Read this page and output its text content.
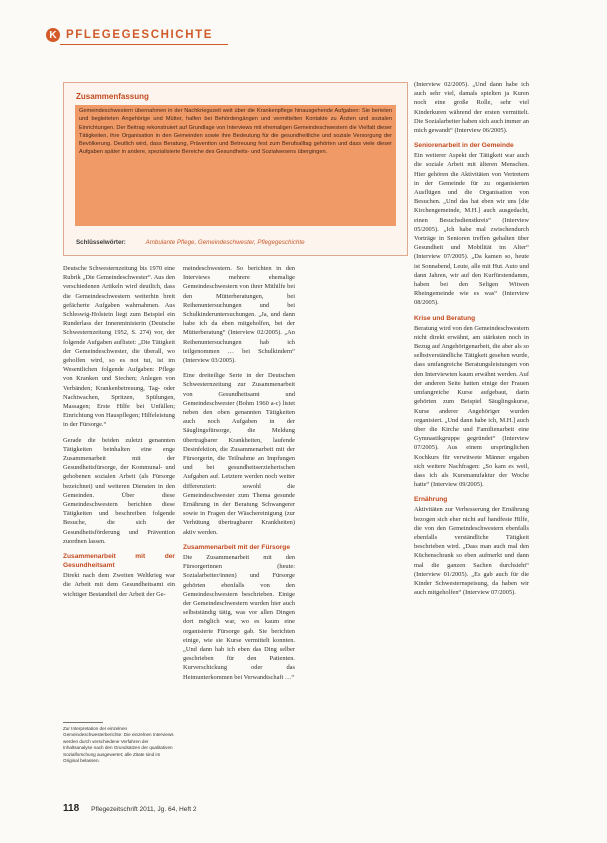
K PFLEGEGESCHICHTE
Zusammenfassung
Gemeindeschwestern übernahmen in der Nachkriegszeit weit über die Krankenpflege hinausgehende Aufgaben: Sie berieten und begleiteten Angehörige und Mütter, halfen bei Behördengängen und vermittelten Kontakte zu Ärzten und sozialen Einrichtungen. Der Beitrag rekonstruiert auf Grundlage von Interviews mit ehemaligen Gemeindeschwestern die Vielfalt dieser Tätigkeiten, ihre Organisation in den Gemeinden sowie ihre Bedeutung für die gesundheitliche und soziale Versorgung der Bevölkerung. Deutlich wird, dass Beratung, Prävention und Betreuung fest zum Berufsalltag gehörten und dass viele dieser Aufgaben später in andere, spezialisierte Bereiche des Gesundheits- und Sozialwesens übergingen.
Schlüsselwörter:	Ambulante Pflege, Gemeindeschwester, Pflegegeschichte

Deutsche Schwesternzeitung bis 1970 eine Rubrik „Die Gemeindeschwester“. Aus den verschiedenen Artikeln wird deutlich, dass die Gemeindeschwestern weiterhin breit gefächerte Aufgaben wahrnahmen. Aus Schleswig-Holstein liegt zum Beispiel ein Runderlass der Innenministerin (Deutsche Schwesternzeitung 1952, S. 274) vor, der folgende Aufgaben auflistet: „Die Tätigkeit der Gemeindeschwester, die überall, wo geholfen wird, so es not tut, ist im Wesentlichen folgende Aufgaben: Pflege von Kranken und Siechen; Anlegen von Verbänden; Krankenbetreuung, Tag- oder Nachtwachen, Spritzen, Spülungen, Massagen; Erste Hilfe bei Unfällen; Einrichtung von Hauspflegen; Hilfeleistung in der Fürsorge.“

Gerade die beiden zuletzt genannten Tätigkeiten beinhalten eine enge Zusammenarbeit mit der Gesundheitsfürsorge, der Kommunal- und gehobenen sozialen Arbeit (als Fürsorge bezeichnet) und weiteren Diensten in den Gemeinden. Über diese Gemeindeschwestern berichten diese Tätigkeiten und beschreiben folgende Besuche, die sich der Gesundheitsförderung und Prävention zuordnen lassen.

Zusammenarbeit mit der Gesundheitsamt

Direkt nach dem Zweiten Weltkrieg war die Arbeit mit dem Gesundheitsamt ein wichtiger Bestandteil der Arbeit der Ge-

meindeschwestern. So berichten in den Interviews mehrere ehemalige Gemeindeschwestern von ihrer Mithilfe bei den Mütterberatungen, bei Reihenuntersuchungen und bei Schulkinderuntersuchungen. „Ja, und dann habe ich da eben mitgeholfen, bei der Mütterberatung“ (Interview 02/2005). „An Reihenuntersuchungen hab ich teilgenommen … bei Schulkindern“ (Interview 03/2005).

Eine dreiteilige Serie in der Deutschen Schwesternzeitung zur Zusammenarbeit von Gesundheitsamt und Gemeindeschwester (Bohm 1960 a-c) listet neben den oben genannten Tätigkeiten auch noch Aufgaben in der Säuglingsfürsorge, die Meldung übertragbarer Krankheiten, laufende Desinfektion, die Zusammenarbeit mit der Fürsorgerin, die Teilnahme an Impfungen und bei gesundheitserzieherischen Aufgaben auf. Letztere werden noch weiter differenziert: sowohl die Gemeindeschwester zum Thema gesunde Ernährung in der Beratung Schwangerer sowie in Fragen der Wäschereinigung (zur Verhütung übertragbarer Krankheiten) aktiv werden.

Zusammenarbeit mit der Fürsorge

Die Zusammenarbeit mit den Fürsorgerinnen (heute: Sozialarbeiter/innen) und Fürsorge gehörten ebenfalls von den Gemeindeschwestern beschrieben. Einige der Gemeindeschwestern wurden hier auch selbstständig tätig, was vor allen Dingen dort möglich war, wo es kaum eine organisierte Fürsorge gab. Sie berichten einige, wie sie Kurse vermittelt konnten. „Und dann hab ich eben das Ding selber geschrieben für den Patienten. Kurverschickung oder das Heimunterkommen bei Verwandtschaft …“

(Interview 02/2005). „Und dann habe ich auch sehr viel, damals spielten ja Kuren noch eine große Rolle, sehr viel Kinderkuren während der ersten vermittelt. Die Sozialarbeiter haben sich auch immer an mich gewandt“ (Interview 06/2005).

Seniorenarbeit in der Gemeinde

Ein weiterer Aspekt der Tätigkeit war auch die soziale Arbeit mit älteren Menschen. Hier gehören die Aktivitäten von Vertretern in der Gemeinde für zu organisierten Ausflügen und die Organisation von Besuchen. „Und das hat eben wir uns [die Kirchengemeinde, M.H.] auch ausgedacht, einen Besuchsdienstkreis“ (Interview 05/2005). „Ich habe mal zwischendurch Vorträge in Senioren treffen gehalten über Gesundheit und Mobilität im Alter“ (Interview 07/2005). „Da kamen so, heute ist Sonnabend, Leute, alle mit Hut. Auto und dann Jahren, wir auf den Kurfürstendamm, haben bei den Seligen Witwen Rheingemeinde wie es was“ (Interview 08/2005).

Krise und Beratung

Beratung wird von den Gemeindeschwestern nicht direkt erwähnt, am stärksten noch in Bezug auf Angehörigenarbeit, die aber als so selbstverständliche Tätigkeit gesehen wurde, dass umfangreiche Beratungsleistungen von den Interviewten kaum erwähnt werden. Auf der anderen Seite hatten einige der Frauen umfangreiche Kurse aufgebaut, darin gehörten zum Beispiel Säuglingskurse, Kurse anderer Angehöriger wurden organisiert. „Und dann habe ich, M.H.] auch über die Kirche und Familienarbeit eine Gymnastikgruppe gegründet“ (Interview 07/2005). Aus einem ursprünglichen Kochkurs für verwitwete Männer ergaben sich weitere Nachfragen: „So kam es weil, dass ich als Kursmanufaktur der Woche hatte“ (Interview 09/2005).

Ernährung

Aktivitäten zur Verbesserung der Ernährung bezogen sich eher nicht auf handfeste Hilfe, die von den Gemeindeschwestern ebenfalls ebenfalls verständliche Tätigkeit beschrieben wird. „Dass man auch mal den Küchenschrank so eben aufmerkt und dann mal die ganzen Sachen durchsieht“ (Interview 01/2005). „Es gab auch für die Kinder Schwesternspeisung, da haben wir auch mitgeholfen“ (Interview 07/2005).

Zur Interpretation der einzelnen Gemeindeschwesterberichte: Die einzelnen Interviews werden durch verschiedene Verfahren der Inhaltsanalyse nach den Grundsätzen der qualitativen Sozialforschung ausgewertet; alle Zitate sind im Original belassen.
118 Pflegezeitschrift 2011, Jg. 64, Heft 2
